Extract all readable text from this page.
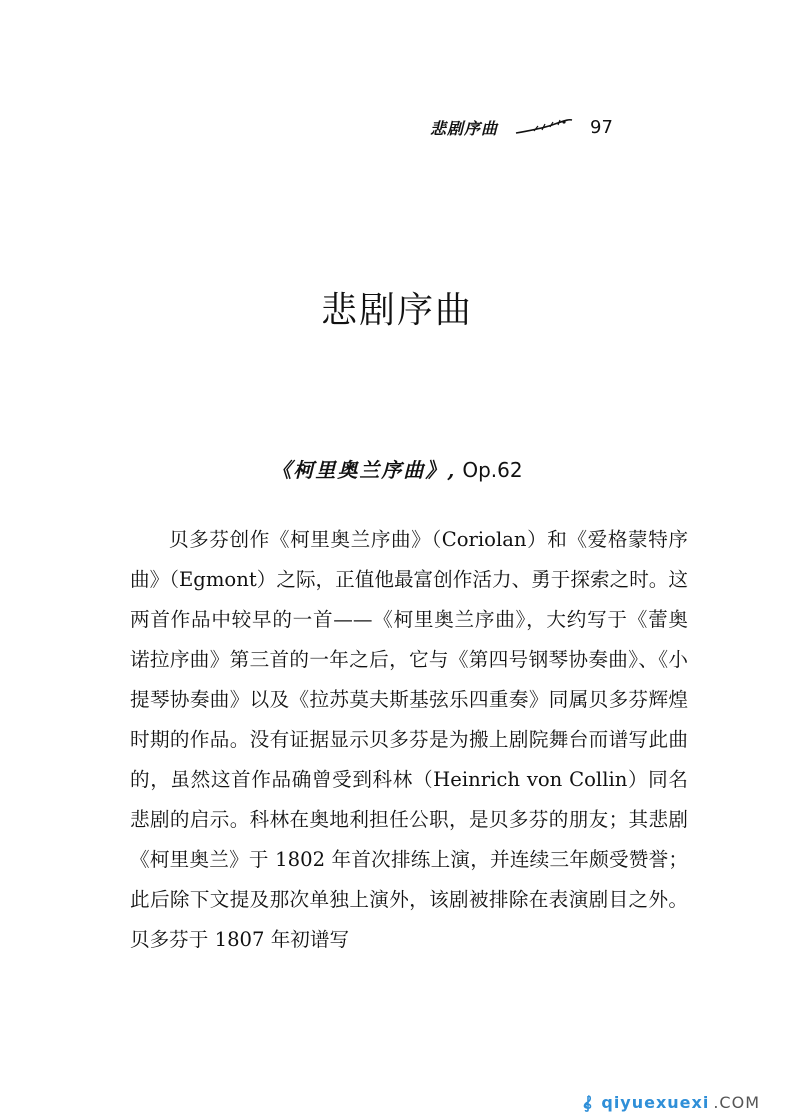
悲剧序曲	97
悲剧序曲
《柯里奥兰序曲》, Op.62

贝多芬创作《柯里奥兰序曲》（Coriolan）和《爱格蒙特序曲》（Egmont）之际，正值他最富创作活力、勇于探索之时。这两首作品中较早的一首——《柯里奥兰序曲》，大约写于《蕾奥诺拉序曲》第三首的一年之后，它与《第四号钢琴协奏曲》、《小提琴协奏曲》以及《拉苏莫夫斯基弦乐四重奏》同属贝多芬辉煌时期的作品。没有证据显示贝多芬是为搬上剧院舞台而谱写此曲的，虽然这首作品确曾受到科林（Heinrich von Collin）同名悲剧的启示。科林在奥地利担任公职，是贝多芬的朋友；其悲剧《柯里奥兰》于 1802 年首次排练上演，并连续三年颇受赞誉；此后除下文提及那次单独上演外，该剧被排除在表演剧目之外。贝多芬于 1807 年初谱写

qiyuexuexi .COM
